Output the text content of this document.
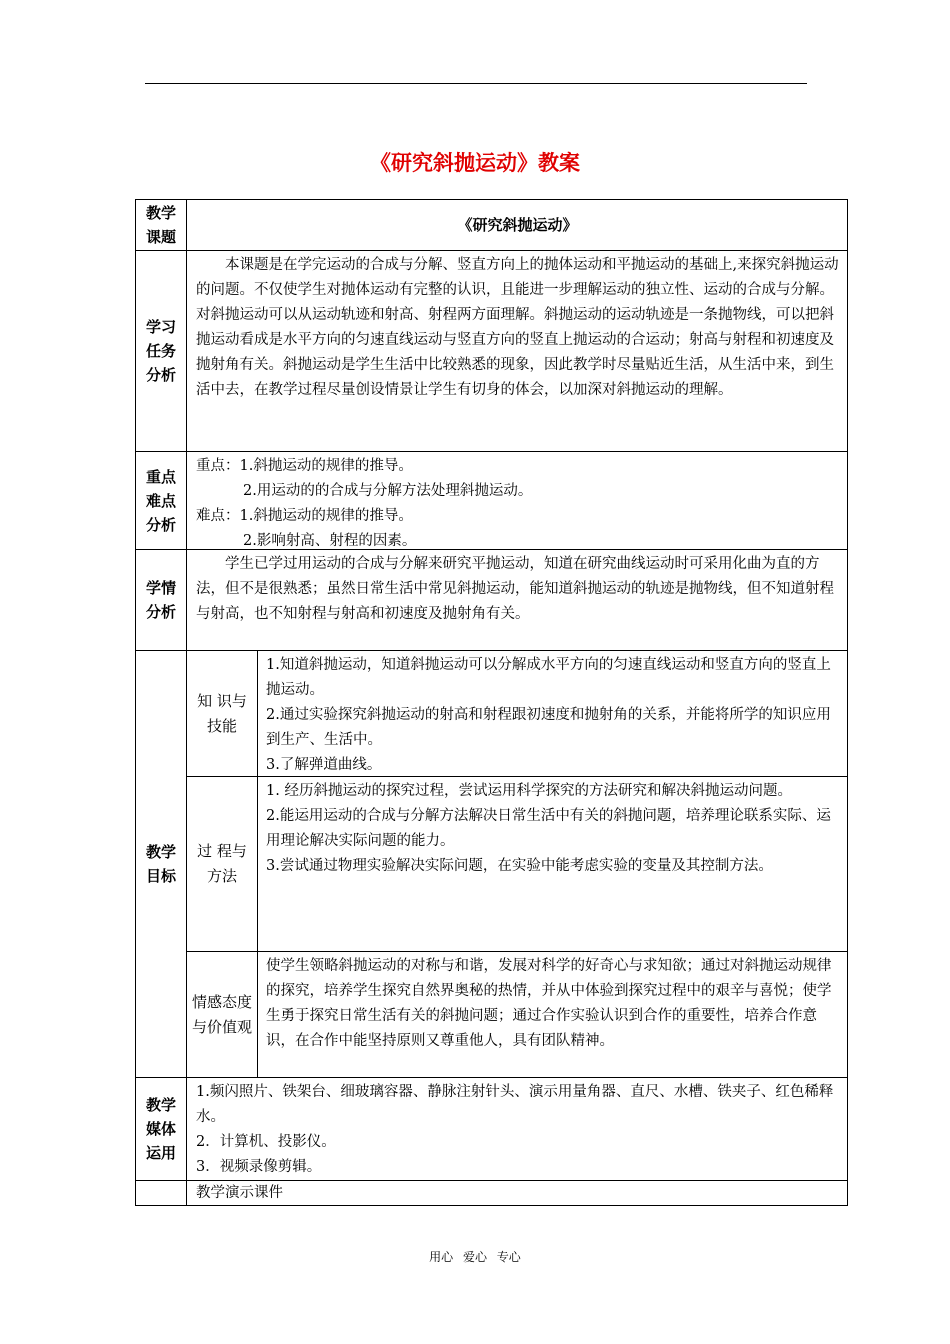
《研究斜抛运动》教案
教学课题
《研究斜抛运动》
学习任务分析

本课题是在学完运动的合成与分解、竖直方向上的抛体运动和平抛运动的基础上,来探究斜抛运动的问题。不仅使学生对抛体运动有完整的认识，且能进一步理解运动的独立性、运动的合成与分解。对斜抛运动可以从运动轨迹和射高、射程两方面理解。斜抛运动的运动轨迹是一条抛物线，可以把斜抛运动看成是水平方向的匀速直线运动与竖直方向的竖直上抛运动的合运动；射高与射程和初速度及抛射角有关。斜抛运动是学生生活中比较熟悉的现象，因此教学时尽量贴近生活，从生活中来，到生活中去，在教学过程尽量创设情景让学生有切身的体会，以加深对斜抛运动的理解。

重点难点分析

重点：1.斜抛运动的规律的推导。

2.用运动的的合成与分解方法处理斜抛运动。

难点：1.斜抛运动的规律的推导。

2.影响射高、射程的因素。

学情分析

学生已学过用运动的合成与分解来研究平抛运动，知道在研究曲线运动时可采用化曲为直的方法，但不是很熟悉；虽然日常生活中常见斜抛运动，能知道斜抛运动的轨迹是抛物线，但不知道射程与射高，也不知射程与射高和初速度及抛射角有关。

教学目标
知 识与技能

1.知道斜抛运动，知道斜抛运动可以分解成水平方向的匀速直线运动和竖直方向的竖直上抛运动。

2.通过实验探究斜抛运动的射高和射程跟初速度和抛射角的关系，并能将所学的知识应用到生产、生活中。

3.了解弹道曲线。

过 程与方法

1. 经历斜抛运动的探究过程，尝试运用科学探究的方法研究和解决斜抛运动问题。

2.能运用运动的合成与分解方法解决日常生活中有关的斜抛问题，培养理论联系实际、运用理论解决实际问题的能力。

3.尝试通过物理实验解决实际问题，在实验中能考虑实验的变量及其控制方法。

情感态度与价值观

使学生领略斜抛运动的对称与和谐，发展对科学的好奇心与求知欲；通过对斜抛运动规律的探究，培养学生探究自然界奥秘的热情，并从中体验到探究过程中的艰辛与喜悦；使学生勇于探究日常生活有关的斜抛问题；通过合作实验认识到合作的重要性，培养合作意识，在合作中能坚持原则又尊重他人，具有团队精神。

教学媒体运用

1.频闪照片、铁架台、细玻璃容器、静脉注射针头、演示用量角器、直尺、水槽、铁夹子、红色稀释水。

2．计算机、投影仪。

3．视频录像剪辑。

教学演示课件
用心 爱心 专心
